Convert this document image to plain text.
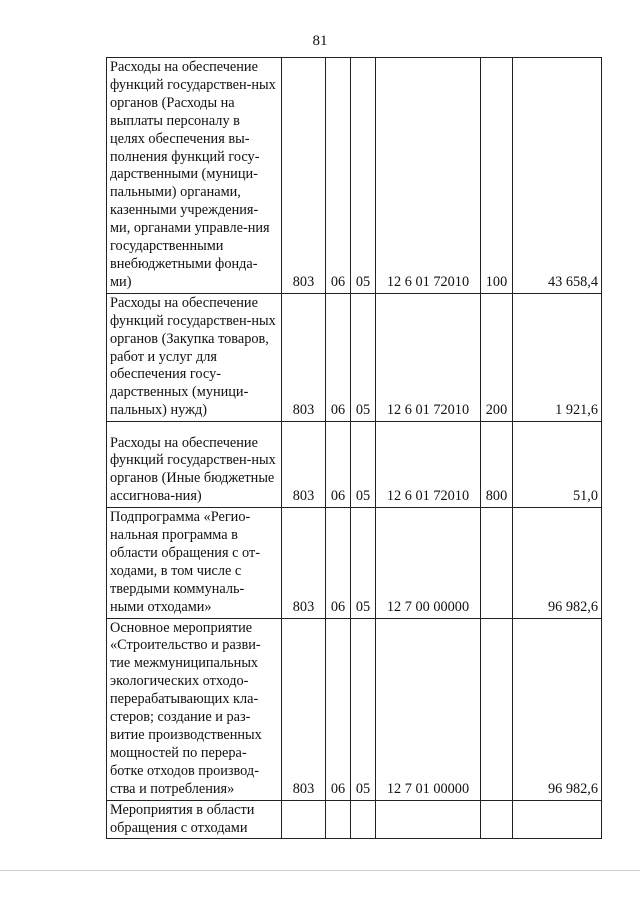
81
Расходы на обеспечение функций государствен-ных органов (Расходы на выплаты персоналу в целях обеспечения вы-полнения функций госу-дарственными (муници-пальными) органами, казенными учреждения-ми, органами управле-ния государственными внебюджетными фонда-ми)	803	06	05	12 6 01 72010	100	43 658,4
Расходы на обеспечение функций государствен-ных органов (Закупка товаров, работ и услуг для обеспечения госу-дарственных (муници-пальных) нужд)	803	06	05	12 6 01 72010	200	1 921,6
Расходы на обеспечение функций государствен-ных органов (Иные бюджетные ассигнова-ния)	803	06	05	12 6 01 72010	800	51,0
Подпрограмма «Регио-нальная программа в области обращения с от-ходами, в том числе с твердыми коммуналь-ными отходами»	803	06	05	12 7 00 00000		96 982,6
Основное мероприятие «Строительство и разви-тие межмуниципальных экологических отходо-перерабатывающих кла-стеров; создание и раз-витие производственных мощностей по перера-ботке отходов производ-ства и потребления»	803	06	05	12 7 01 00000		96 982,6
Мероприятия в области обращения с отходами						
